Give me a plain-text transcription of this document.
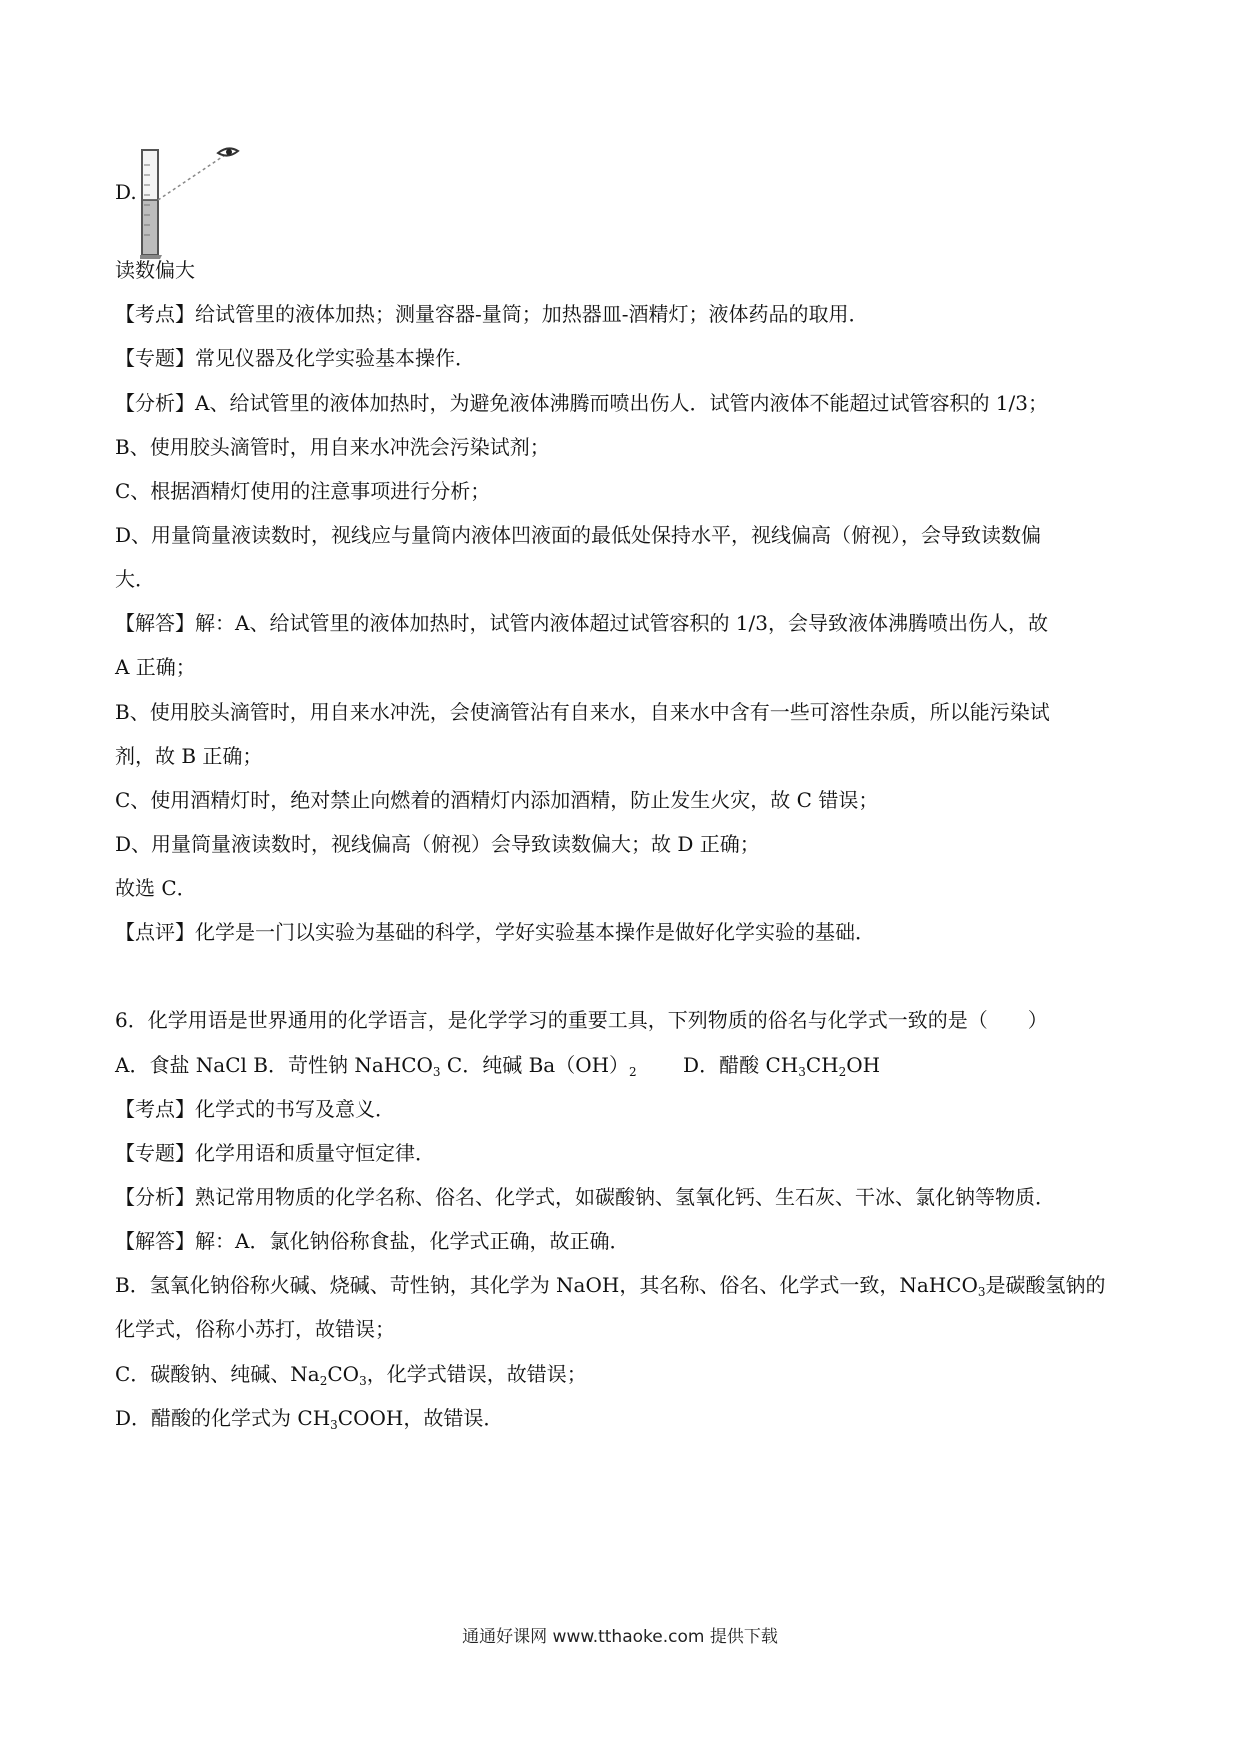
D.
读数偏大
【考点】给试管里的液体加热；测量容器-量筒；加热器皿-酒精灯；液体药品的取用．
【专题】常见仪器及化学实验基本操作．
【分析】A、给试管里的液体加热时，为避免液体沸腾而喷出伤人．试管内液体不能超过试管容积的 1/3；
B、使用胶头滴管时，用自来水冲洗会污染试剂；
C、根据酒精灯使用的注意事项进行分析；
D、用量筒量液读数时，视线应与量筒内液体凹液面的最低处保持水平，视线偏高（俯视），会导致读数偏
大．
【解答】解：A、给试管里的液体加热时，试管内液体超过试管容积的 1/3，会导致液体沸腾喷出伤人，故
A 正确；
B、使用胶头滴管时，用自来水冲洗，会使滴管沾有自来水，自来水中含有一些可溶性杂质，所以能污染试
剂，故 B 正确；
C、使用酒精灯时，绝对禁止向燃着的酒精灯内添加酒精，防止发生火灾，故 C 错误；
D、用量筒量液读数时，视线偏高（俯视）会导致读数偏大；故 D 正确；
故选 C．
【点评】化学是一门以实验为基础的科学，学好实验基本操作是做好化学实验的基础．
6．化学用语是世界通用的化学语言，是化学学习的重要工具，下列物质的俗名与化学式一致的是（　　）
A．食盐 NaCl B．苛性钠 NaHCO$_3$ C．纯碱 $Ba(OH)_2$ D．醋酸 $CH_3CH_2OH$
【考点】化学式的书写及意义．
【专题】化学用语和质量守恒定律．
【分析】熟记常用物质的化学名称、俗名、化学式，如碳酸钠、氢氧化钙、生石灰、干冰、氯化钠等物质．
【解答】解：A．氯化钠俗称食盐，化学式正确，故正确．
B．氢氧化钠俗称火碱、烧碱、苛性钠，其化学为 NaOH，其名称、俗名、化学式一致，NaHCO$_3$是碳酸氢钠的
化学式，俗称小苏打，故错误；
C．碳酸钠、纯碱、$Na_2CO_3$，化学式错误，故错误；
D．醋酸的化学式为 $CH_3COOH$，故错误．
通通好课网 www.tthaoke.com 提供下载
